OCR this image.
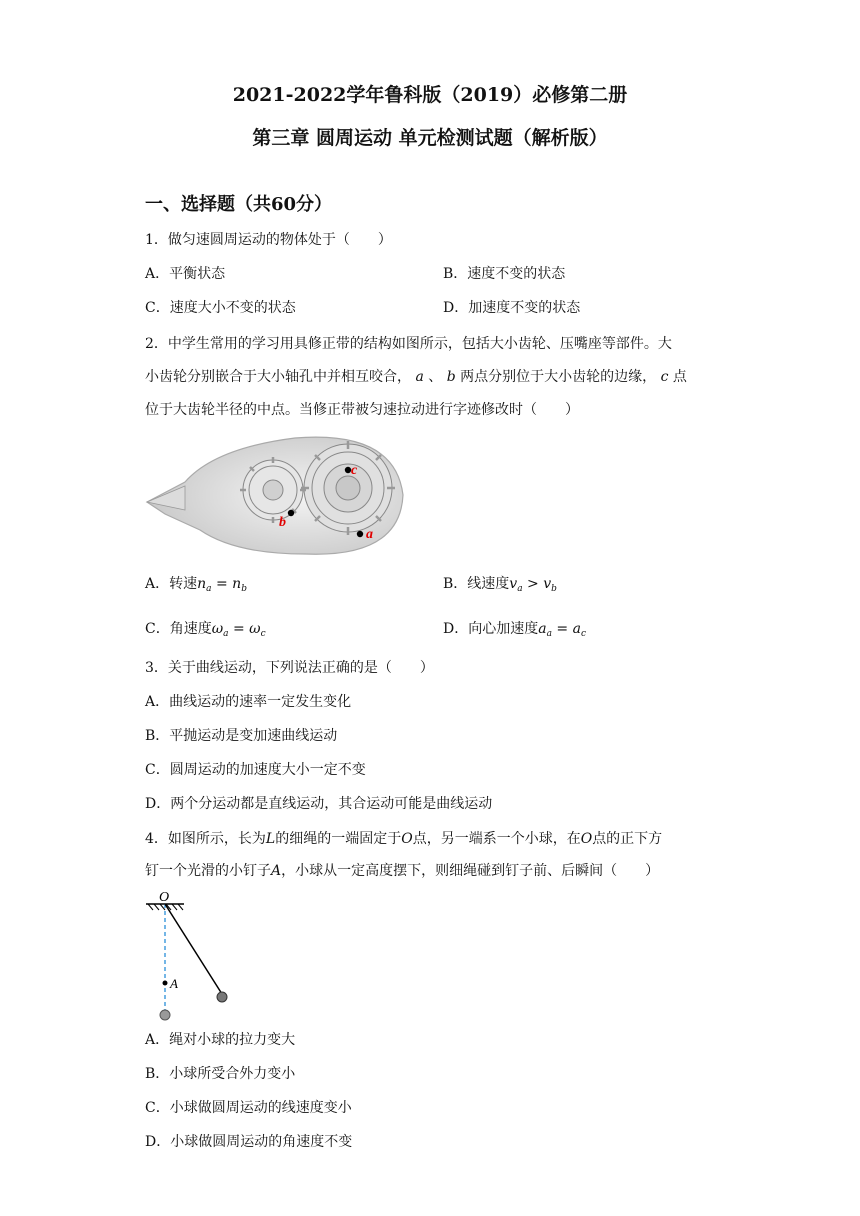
2021-2022学年鲁科版（2019）必修第二册
第三章 圆周运动 单元检测试题（解析版）
一、选择题（共60分）
1．做匀速圆周运动的物体处于（　　）
A．平衡状态	B．速度不变的状态
C．速度大小不变的状态	D．加速度不变的状态
2．中学生常用的学习用具修正带的结构如图所示，包括大小齿轮、压嘴座等部件。大
小齿轮分别嵌合于大小轴孔中并相互咬合， a 、 b 两点分别位于大小齿轮的边缘， c 点
位于大齿轮半径的中点。当修正带被匀速拉动进行字迹修改时（　　）
b
a
c
A．转速$n_a = n_b$	B．线速度$v_a > v_b$
C．角速度$\omega_a = \omega_c$	D．向心加速度$a_a = a_c$
3．关于曲线运动，下列说法正确的是（　　）
A．曲线运动的速率一定发生变化
B．平抛运动是变加速曲线运动
C．圆周运动的加速度大小一定不变
D．两个分运动都是直线运动，其合运动可能是曲线运动
4．如图所示，长为L的细绳的一端固定于O点，另一端系一个小球，在O点的正下方
钉一个光滑的小钉子A，小球从一定高度摆下，则细绳碰到钉子前、后瞬间（　　）
O
A
A．绳对小球的拉力变大
B．小球所受合外力变小
C．小球做圆周运动的线速度变小
D．小球做圆周运动的角速度不变
